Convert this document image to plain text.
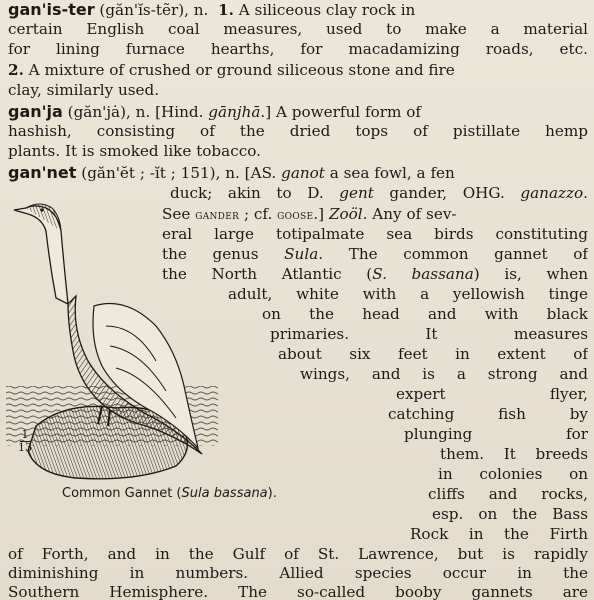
gan'is-ter (găn'ĭs-tẽr), n. 1. A siliceous clay rock in
certain English coal measures, used to make a material
for lining furnace hearths, for macadamizing roads, etc.
2. A mixture of crushed or ground siliceous stone and fire
clay, similarly used.
gan'ja (găn'jȧ), n. [Hind. gānjhā.] A powerful form of
hashish, consisting of the dried tops of pistillate hemp
plants. It is smoked like tobacco.
gan'net (găn'ĕt ; -ĭt ; 151), n. [AS. ganot a sea fowl, a fen
duck; akin to D. gent gander, OHG. ganazzo.
See gander ; cf. goose.] Zoöl. Any of sev-
eral large totipalmate sea birds constituting
the genus Sula. The common gannet of
the North Atlantic (S. bassana) is, when
adult, white with a yellowish tinge
on the head and with black
primaries. It measures
about six feet in extent of
wings, and is a strong and
expert flyer,
catching fish by
plunging for
them. It breeds
in colonies on
cliffs and rocks,
esp. on the Bass
Rock in the Firth
of Forth, and in the Gulf of St. Lawrence, but is rapidly
diminishing in numbers. Allied species occur in the
Southern Hemisphere. The so-called booby gannets are
1
13
Common Gannet (Sula bassana).
